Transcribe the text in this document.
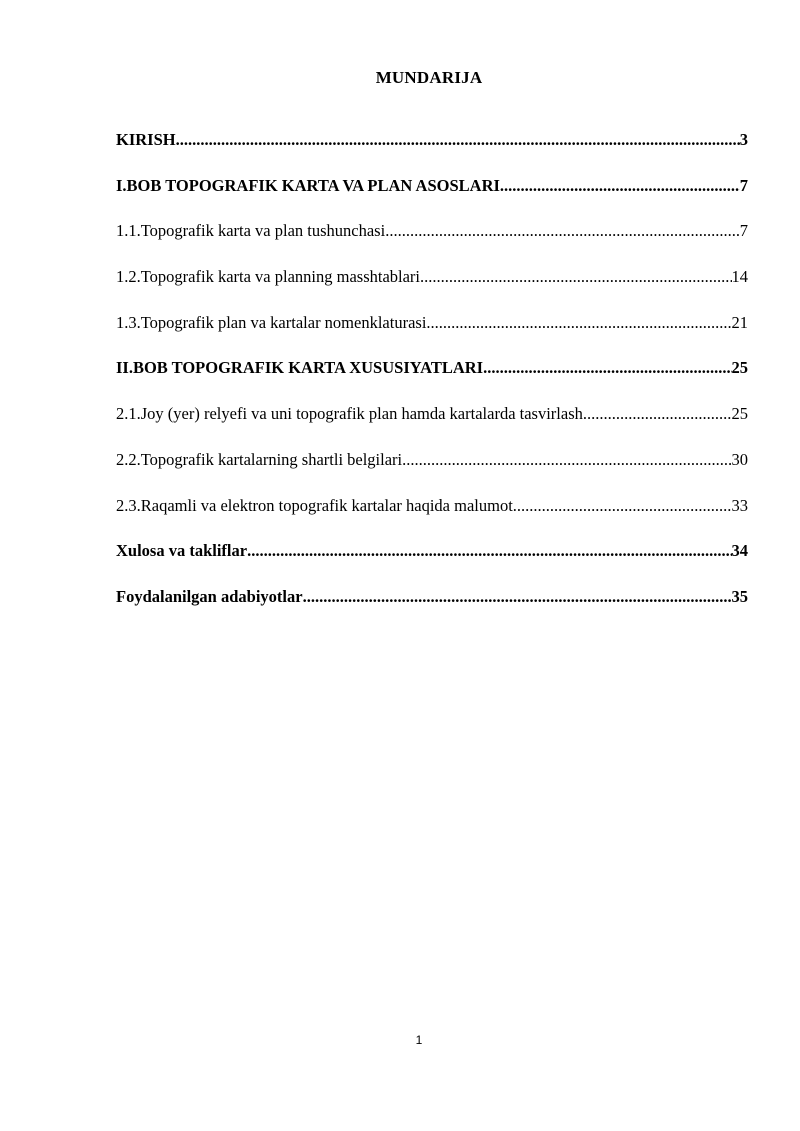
MUNDARIJA
KIRISH .....	3
I.BOB TOPOGRAFIK KARTA VA PLAN ASOSLARI .....	7
1.1.Topografik karta va plan tushunchasi .....	7
1.2.Topografik karta va planning masshtablari .....	14
1.3.Topografik plan va kartalar nomenklaturasi .....	21
II.BOB TOPOGRAFIK KARTA XUSUSIYATLARI .....	25
2.1.Joy (yer) relyefi va uni topografik plan hamda kartalarda tasvirlash .....	25
2.2.Topografik kartalarning shartli belgilari .....	30
2.3.Raqamli va elektron topografik kartalar haqida malumot .....	33
Xulosa va takliflar .....	34
Foydalanilgan adabiyotlar .....	35
1
